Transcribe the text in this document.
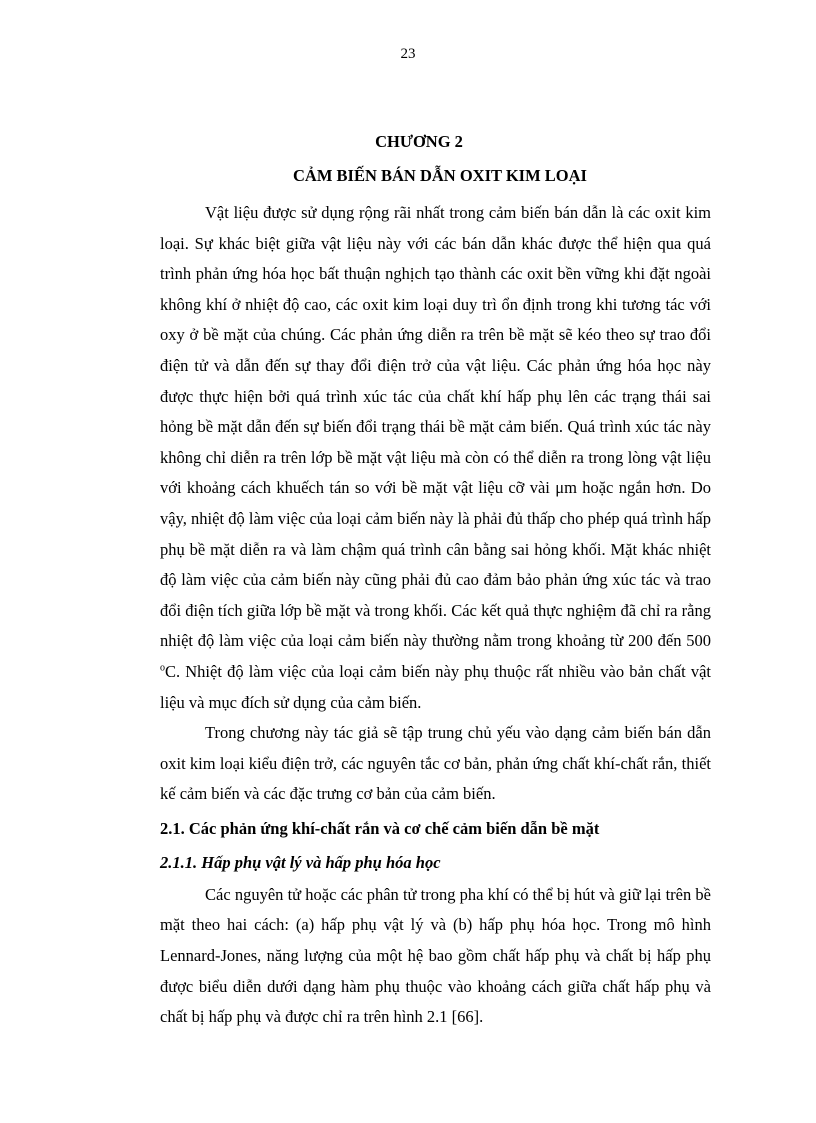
23
CHƯƠNG 2
CẢM BIẾN BÁN DẪN OXIT KIM LOẠI

Vật liệu được sử dụng rộng rãi nhất trong cảm biến bán dẫn là các oxit kim loại. Sự khác biệt giữa vật liệu này với các bán dẫn khác được thể hiện qua quá trình phản ứng hóa học bất thuận nghịch tạo thành các oxit bền vững khi đặt ngoài không khí ở nhiệt độ cao, các oxit kim loại duy trì ổn định trong khi tương tác với oxy ở bề mặt của chúng. Các phản ứng diễn ra trên bề mặt sẽ kéo theo sự trao đổi điện tử và dẫn đến sự thay đổi điện trở của vật liệu. Các phản ứng hóa học này được thực hiện bởi quá trình xúc tác của chất khí hấp phụ lên các trạng thái sai hỏng bề mặt dẫn đến sự biến đổi trạng thái bề mặt cảm biến. Quá trình xúc tác này không chỉ diễn ra trên lớp bề mặt vật liệu mà còn có thể diễn ra trong lòng vật liệu với khoảng cách khuếch tán so với bề mặt vật liệu cỡ vài μm hoặc ngắn hơn. Do vậy, nhiệt độ làm việc của loại cảm biến này là phải đủ thấp cho phép quá trình hấp phụ bề mặt diễn ra và làm chậm quá trình cân bằng sai hỏng khối. Mặt khác nhiệt độ làm việc của cảm biến này cũng phải đủ cao đảm bảo phản ứng xúc tác và trao đổi điện tích giữa lớp bề mặt và trong khối. Các kết quả thực nghiệm đã chỉ ra rằng nhiệt độ làm việc của loại cảm biến này thường nằm trong khoảng từ 200 đến 500 $^o$C. Nhiệt độ làm việc của loại cảm biến này phụ thuộc rất nhiều vào bản chất vật liệu và mục đích sử dụng của cảm biến.

Trong chương này tác giả sẽ tập trung chủ yếu vào dạng cảm biến bán dẫn oxit kim loại kiểu điện trở, các nguyên tắc cơ bản, phản ứng chất khí-chất rắn, thiết kế cảm biến và các đặc trưng cơ bản của cảm biến.

2.1. Các phản ứng khí-chất rắn và cơ chế cảm biến dẫn bề mặt

2.1.1. Hấp phụ vật lý và hấp phụ hóa học

Các nguyên tử hoặc các phân tử trong pha khí có thể bị hút và giữ lại trên bề mặt theo hai cách: (a) hấp phụ vật lý và (b) hấp phụ hóa học. Trong mô hình Lennard-Jones, năng lượng của một hệ bao gồm chất hấp phụ và chất bị hấp phụ được biểu diễn dưới dạng hàm phụ thuộc vào khoảng cách giữa chất hấp phụ và chất bị hấp phụ và được chỉ ra trên hình 2.1 [66].
